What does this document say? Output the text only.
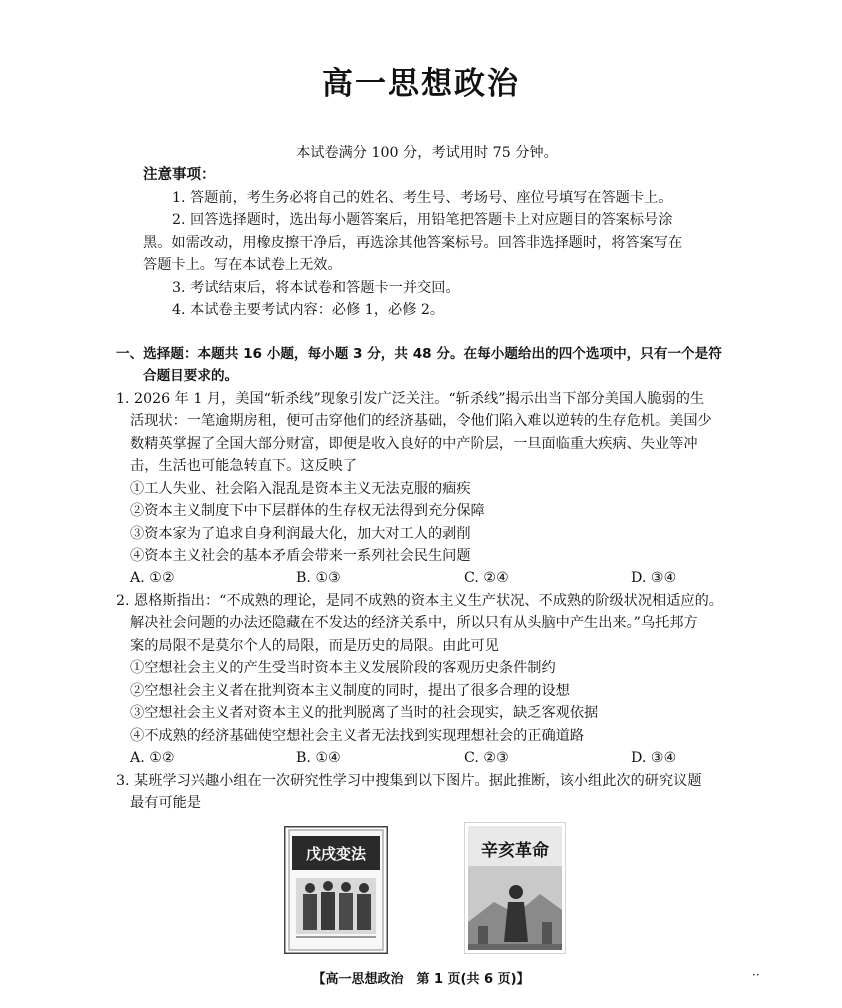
高一思想政治
本试卷满分 100 分，考试用时 75 分钟。
注意事项：
1. 答题前，考生务必将自己的姓名、考生号、考场号、座位号填写在答题卡上。
2. 回答选择题时，选出每小题答案后，用铅笔把答题卡上对应题目的答案标号涂
黑。如需改动，用橡皮擦干净后，再选涂其他答案标号。回答非选择题时，将答案写在
答题卡上。写在本试卷上无效。
3. 考试结束后，将本试卷和答题卡一并交回。
4. 本试卷主要考试内容：必修 1，必修 2。
一、选择题：本题共 16 小题，每小题 3 分，共 48 分。在每小题给出的四个选项中，只有一个是符
合题目要求的。
1. 2026 年 1 月，美国“斩杀线”现象引发广泛关注。“斩杀线”揭示出当下部分美国人脆弱的生
活现状：一笔逾期房租，便可击穿他们的经济基础，令他们陷入难以逆转的生存危机。美国少
数精英掌握了全国大部分财富，即便是收入良好的中产阶层，一旦面临重大疾病、失业等冲
击，生活也可能急转直下。这反映了
①工人失业、社会陷入混乱是资本主义无法克服的痼疾
②资本主义制度下中下层群体的生存权无法得到充分保障
③资本家为了追求自身利润最大化，加大对工人的剥削
④资本主义社会的基本矛盾会带来一系列社会民生问题
A. ①②	B. ①③	C. ②④	D. ③④
2. 恩格斯指出：“不成熟的理论，是同不成熟的资本主义生产状况、不成熟的阶级状况相适应的。
解决社会问题的办法还隐藏在不发达的经济关系中，所以只有从头脑中产生出来。”乌托邦方
案的局限不是莫尔个人的局限，而是历史的局限。由此可见
①空想社会主义的产生受当时资本主义发展阶段的客观历史条件制约
②空想社会主义者在批判资本主义制度的同时，提出了很多合理的设想
③空想社会主义者对资本主义的批判脱离了当时的社会现实，缺乏客观依据
④不成熟的经济基础使空想社会主义者无法找到实现理想社会的正确道路
A. ①②	B. ①④	C. ②③	D. ③④
3. 某班学习兴趣小组在一次研究性学习中搜集到以下图片。据此推断，该小组此次的研究议题
最有可能是
戊戌变法	辛亥革命
【高一思想政治　第 1 页(共 6 页)】	··
